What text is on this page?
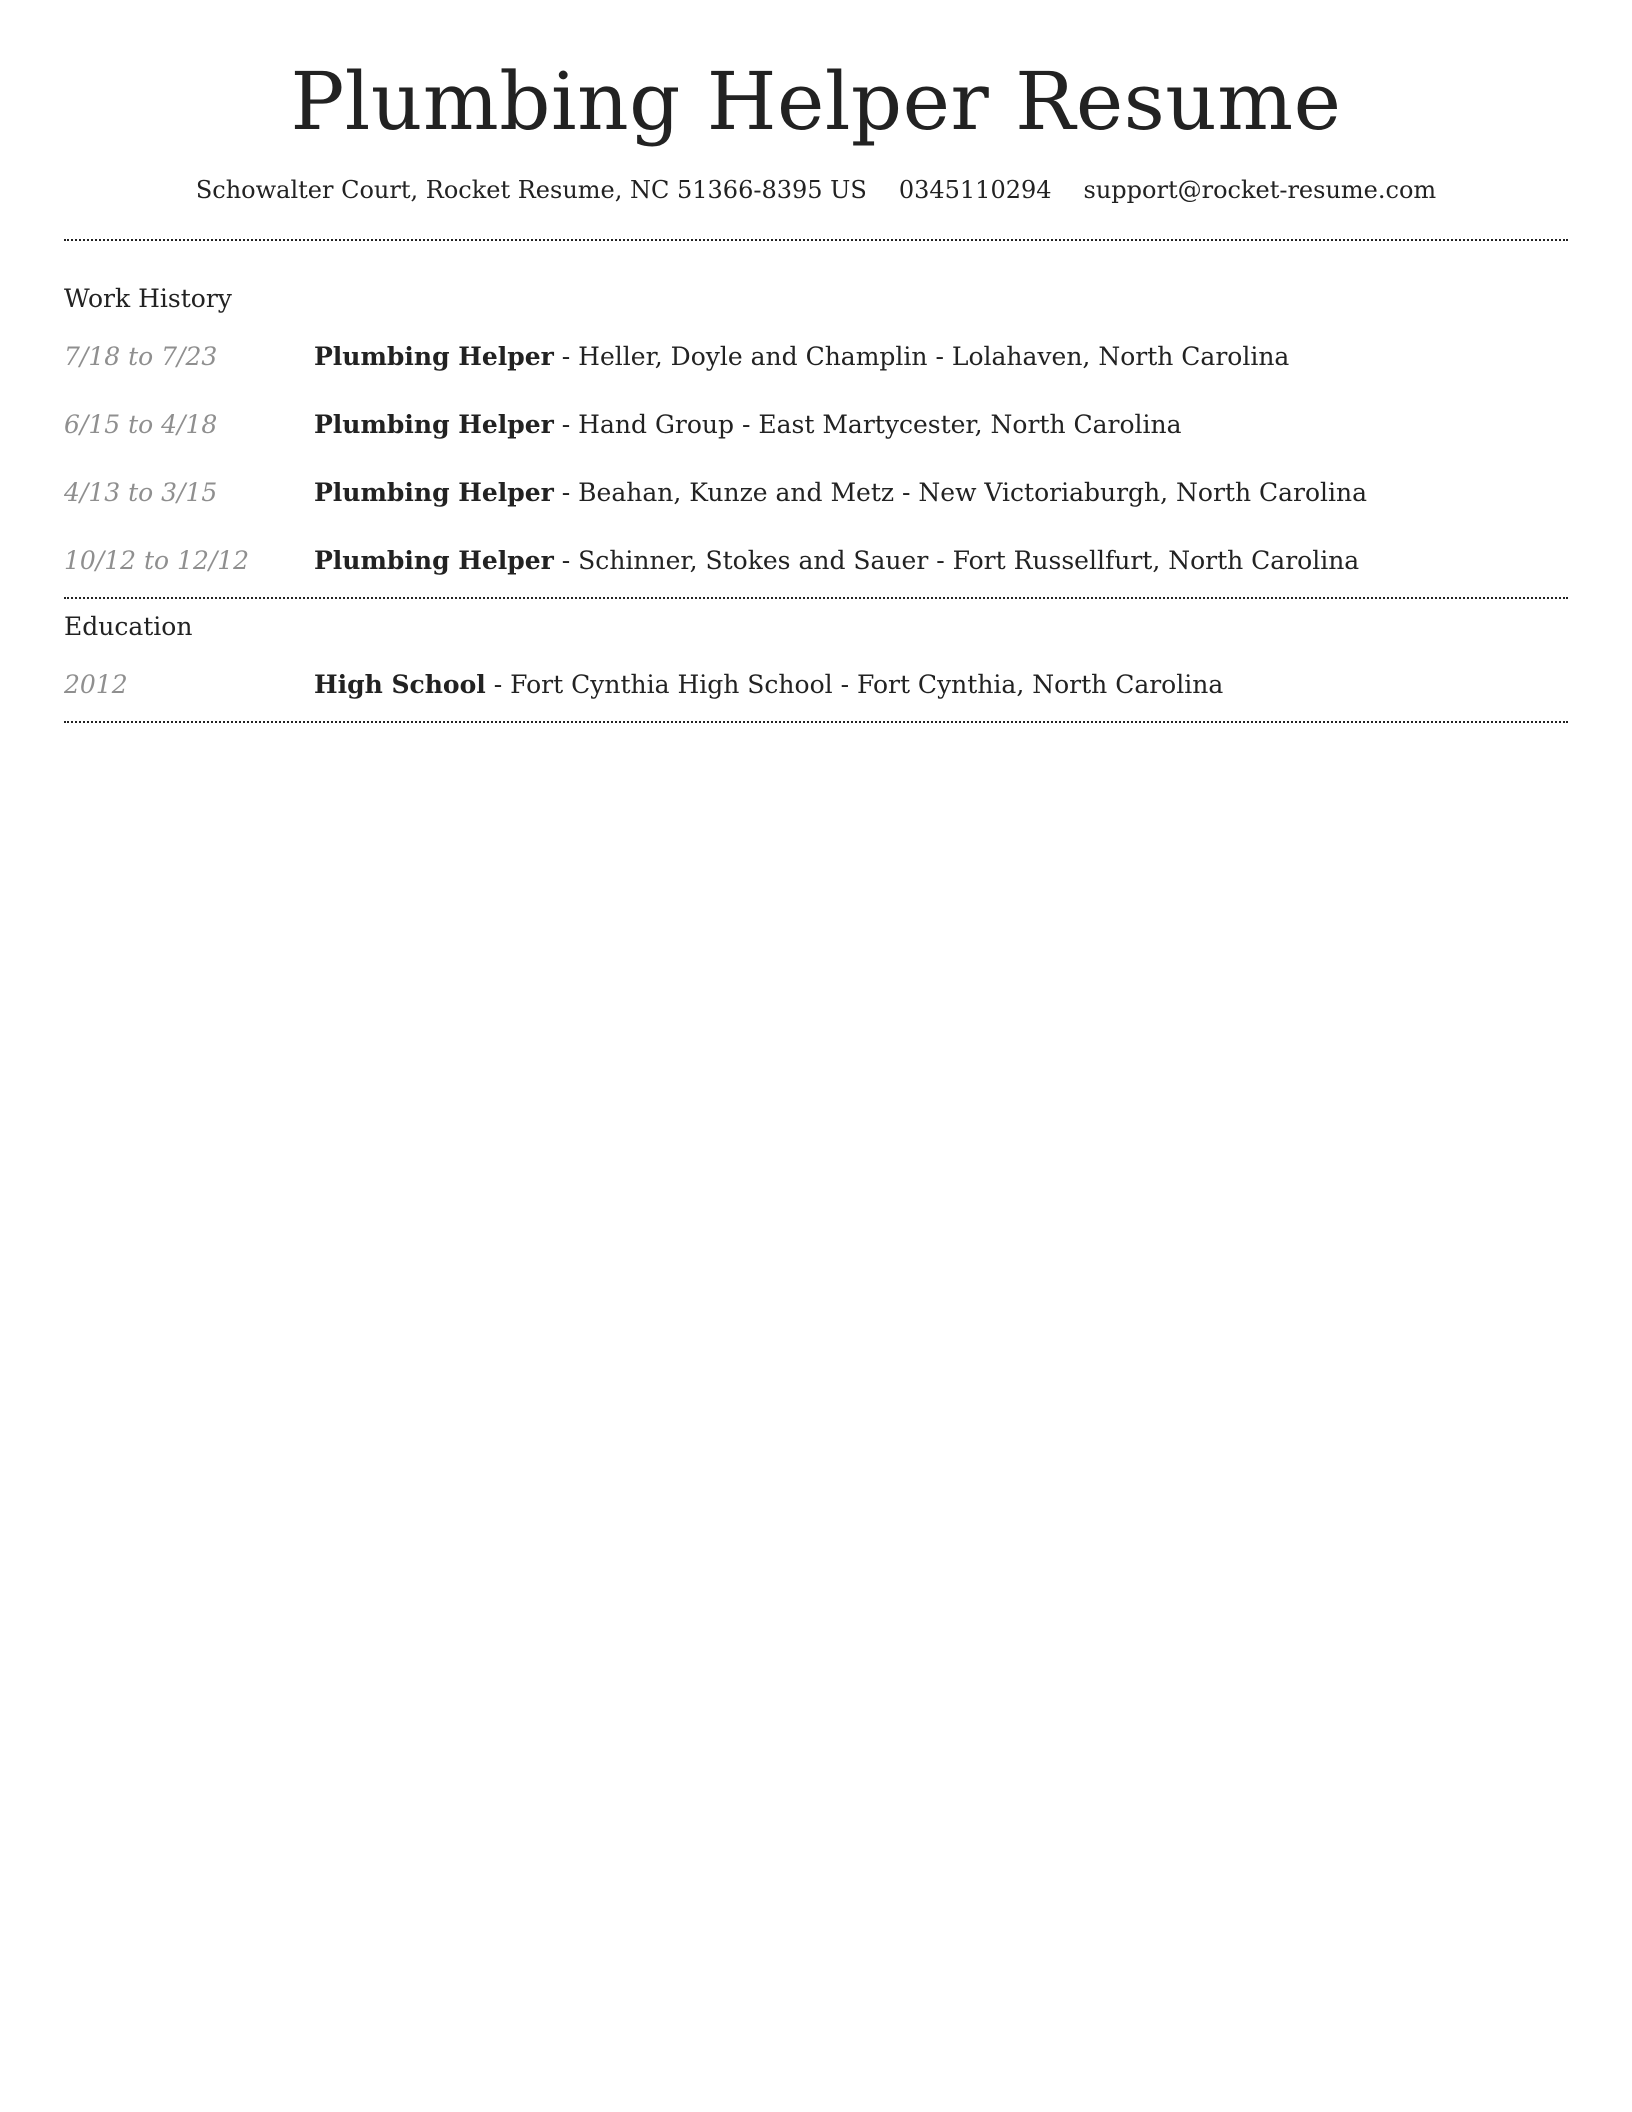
Plumbing Helper Resume
Schowalter Court, Rocket Resume, NC 51366-8395 US 0345110294 support@rocket-resume.com
Work History
7/18 to 7/23	Plumbing Helper - Heller, Doyle and Champlin - Lolahaven, North Carolina
6/15 to 4/18	Plumbing Helper - Hand Group - East Martycester, North Carolina
4/13 to 3/15	Plumbing Helper - Beahan, Kunze and Metz - New Victoriaburgh, North Carolina
10/12 to 12/12	Plumbing Helper - Schinner, Stokes and Sauer - Fort Russellfurt, North Carolina
Education
2012	High School - Fort Cynthia High School - Fort Cynthia, North Carolina
